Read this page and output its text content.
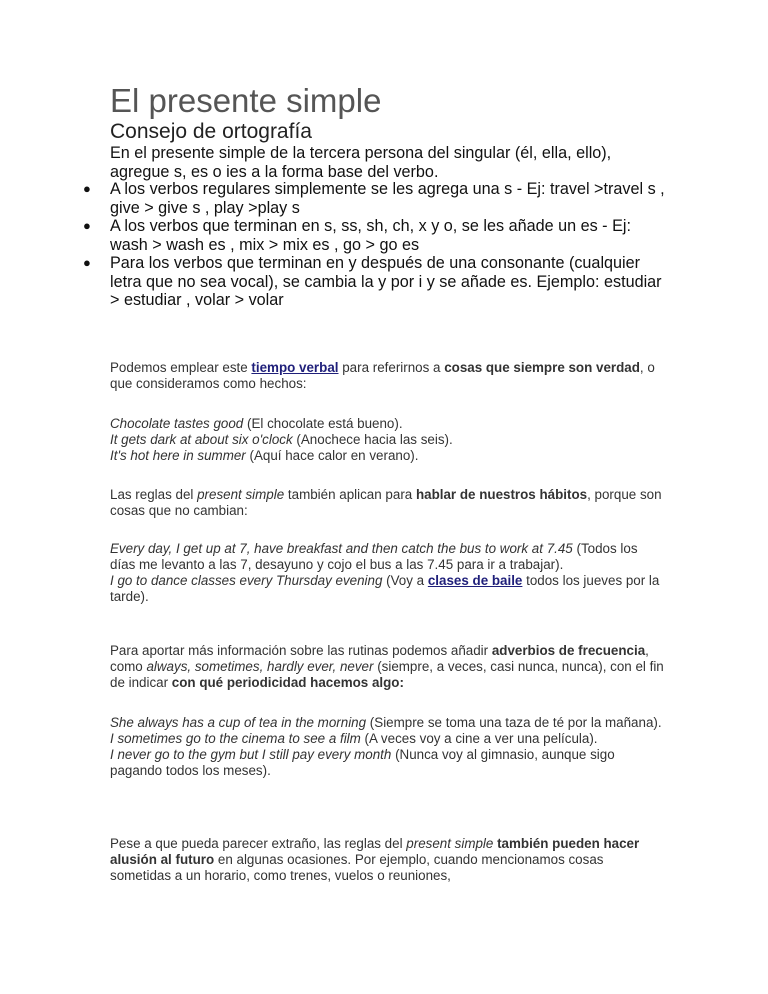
El presente simple
Consejo de ortografía

En el presente simple de la tercera persona del singular (él, ella, ello), agregue s, es o ies a la forma base del verbo.

● A los verbos regulares simplemente se les agrega una s - Ej: travel >travel s , give > give s , play >play s
● A los verbos que terminan en s, ss, sh, ch, x y o, se les añade un es - Ej: wash > wash es , mix > mix es , go > go es
● Para los verbos que terminan en y después de una consonante (cualquier letra que no sea vocal), se cambia la y por i y se añade es. Ejemplo: estudiar > estudiar , volar > volar

Podemos emplear este tiempo verbal para referirnos a cosas que siempre son verdad, o que consideramos como hechos:

Chocolate tastes good (El chocolate está bueno).
It gets dark at about six o'clock (Anochece hacia las seis).
It's hot here in summer (Aquí hace calor en verano).

Las reglas del present simple también aplican para hablar de nuestros hábitos, porque son cosas que no cambian:

Every day, I get up at 7, have breakfast and then catch the bus to work at 7.45 (Todos los días me levanto a las 7, desayuno y cojo el bus a las 7.45 para ir a trabajar).
I go to dance classes every Thursday evening (Voy a clases de baile todos los jueves por la tarde).

Para aportar más información sobre las rutinas podemos añadir adverbios de frecuencia, como always, sometimes, hardly ever, never (siempre, a veces, casi nunca, nunca), con el fin de indicar con qué periodicidad hacemos algo:

She always has a cup of tea in the morning (Siempre se toma una taza de té por la mañana).
I sometimes go to the cinema to see a film (A veces voy a cine a ver una película).
I never go to the gym but I still pay every month (Nunca voy al gimnasio, aunque sigo pagando todos los meses).

Pese a que pueda parecer extraño, las reglas del present simple también pueden hacer alusión al futuro en algunas ocasiones. Por ejemplo, cuando mencionamos cosas sometidas a un horario, como trenes, vuelos o reuniones,
